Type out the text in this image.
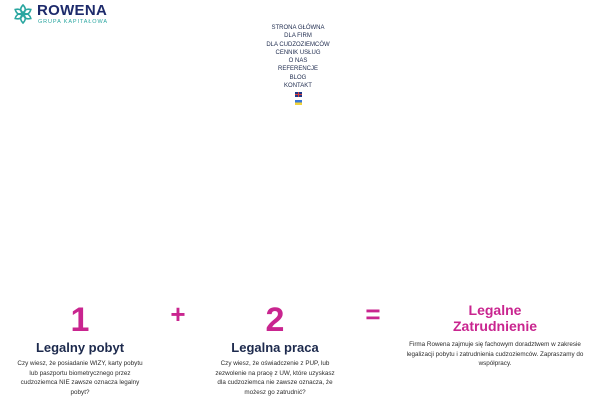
ROWENA
GRUPA KAPITAŁOWA
STRONA GŁÓWNA
DLA FIRM
DLA CUDZOZIEMCÓW
CENNIK USŁUG
O NAS
REFERENCJE
BLOG
KONTAKT
1	+	2	=
Legalny pobyt
Czy wiesz, że posiadanie WIZY, karty pobytu lub paszportu biometrycznego przez cudzoziemca NIE zawsze oznacza legalny pobyt?
Legalna praca
Czy wiesz, że oświadczenie z PUP, lub zezwolenie na pracę z UW, które uzyskasz dla cudzoziemca nie zawsze oznacza, że możesz go zatrudnić?
Legalne Zatrudnienie
Firma Rowena zajmuje się fachowym doradztwem w zakresie legalizacji pobytu i zatrudnienia cudzoziemców. Zapraszamy do współpracy.
